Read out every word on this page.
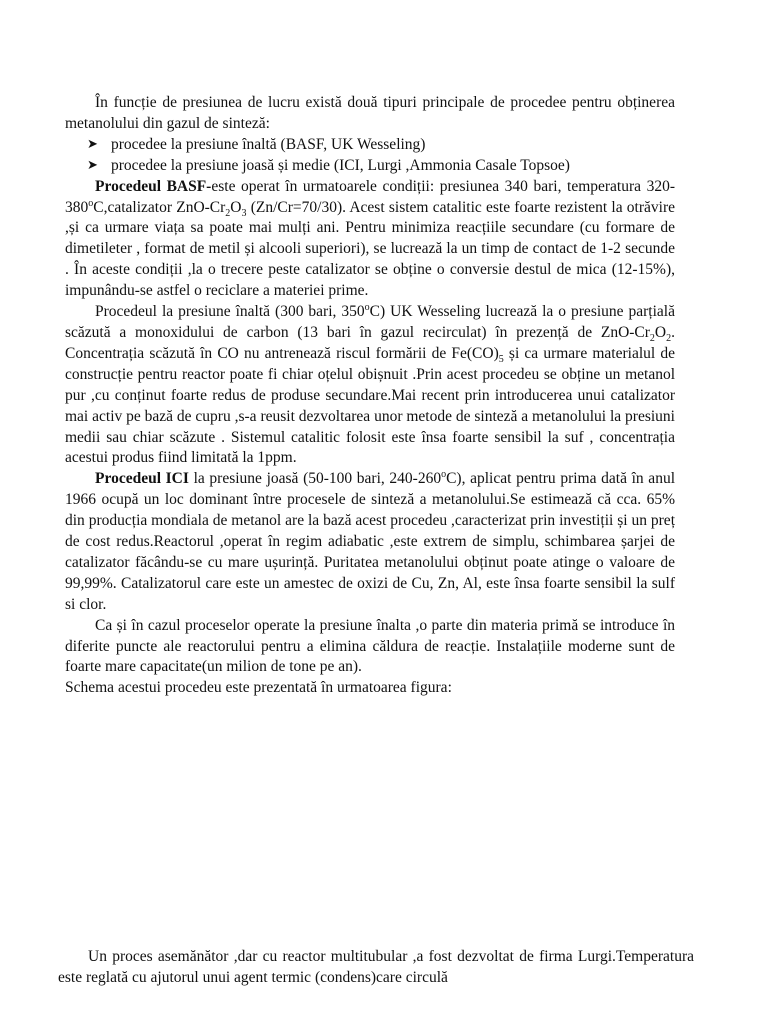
În funcție de presiunea de lucru există două tipuri principale de procedee pentru obținerea metanolului din gazul de sinteză:

➤ procedee la presiune înaltă (BASF, UK Wesseling)
➤ procedee la presiune joasă și medie (ICI, Lurgi ,Ammonia Casale Topsoe)

Procedeul BASF-este operat în urmatoarele condiții: presiunea 340 bari, temperatura 320-380$^o$C,catalizator ZnO-$Cr_2O_3$ (Zn/Cr=70/30). Acest sistem catalitic este foarte rezistent la otrăvire ,și ca urmare viața sa poate mai mulți ani. Pentru minimiza reacțiile secundare (cu formare de dimetileter , format de metil și alcooli superiori), se lucrează la un timp de contact de 1-2 secunde . În aceste condiții ,la o trecere peste catalizator se obține o conversie destul de mica (12-15%), impunându-se astfel o reciclare a materiei prime.

Procedeul la presiune înaltă (300 bari, 350$^o$C) UK Wesseling lucrează la o presiune parțială scăzută a monoxidului de carbon (13 bari în gazul recirculat) în prezență de ZnO-$Cr_2O_2$. Concentrația scăzută în CO nu antrenează riscul formării de $Fe(CO)_5$ și ca urmare materialul de construcție pentru reactor poate fi chiar oțelul obișnuit .Prin acest procedeu se obține un metanol pur ,cu conținut foarte redus de produse secundare.Mai recent prin introducerea unui catalizator mai activ pe bază de cupru ,s-a reusit dezvoltarea unor metode de sinteză a metanolului la presiuni medii sau chiar scăzute . Sistemul catalitic folosit este însa foarte sensibil la suf , concentrația acestui produs fiind limitată la 1ppm.

Procedeul ICI la presiune joasă (50-100 bari, 240-260$^o$C), aplicat pentru prima dată în anul 1966 ocupă un loc dominant între procesele de sinteză a metanolului.Se estimează că cca. 65% din producția mondiala de metanol are la bază acest procedeu ,caracterizat prin investiții și un preț de cost redus.Reactorul ,operat în regim adiabatic ,este extrem de simplu, schimbarea șarjei de catalizator făcându-se cu mare ușurință. Puritatea metanolului obținut poate atinge o valoare de 99,99%. Catalizatorul care este un amestec de oxizi de Cu, Zn, Al, este însa foarte sensibil la sulf si clor.

Ca și în cazul proceselor operate la presiune înalta ,o parte din materia primă se introduce în diferite puncte ale reactorului pentru a elimina căldura de reacție. Instalațiile moderne sunt de foarte mare capacitate(un milion de tone pe an).

Schema acestui procedeu este prezentată în urmatoarea figura:

Un proces asemănător ,dar cu reactor multitubular ,a fost dezvoltat de firma Lurgi.Temperatura este reglată cu ajutorul unui agent termic (condens)care circulă
